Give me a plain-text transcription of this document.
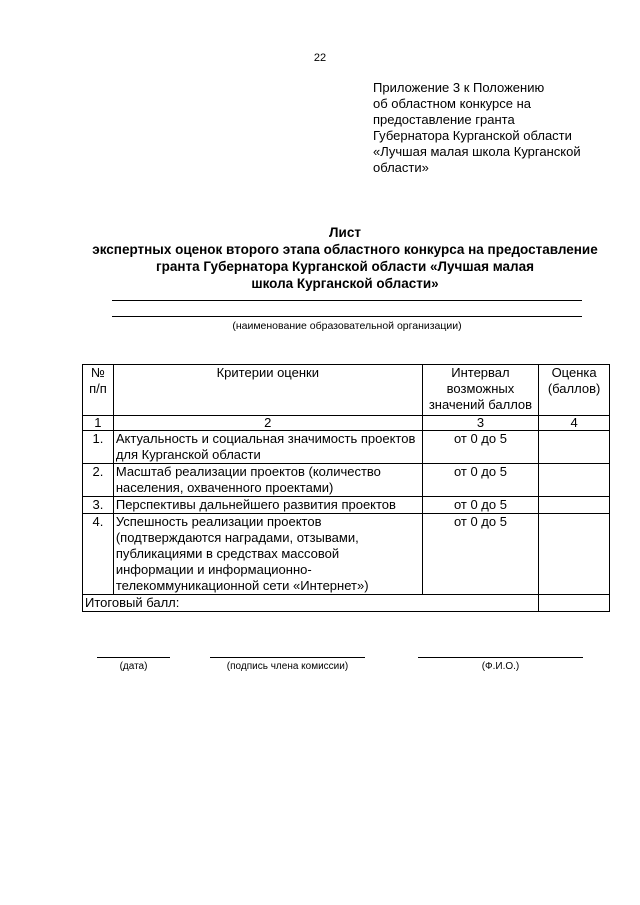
22
Приложение 3 к Положению
об областном конкурсе на
предоставление гранта
Губернатора Курганской области
«Лучшая малая школа Курганской
области»
Лист
экспертных оценок второго этапа областного конкурса на предоставление
гранта Губернатора Курганской области «Лучшая малая
школа Курганской области»
(наименование образовательной организации)
№ п/п	Критерии оценки	Интервал возможных значений баллов	Оценка (баллов)
1	2	3	4
1.	Актуальность и социальная значимость проектов для Курганской области	от 0 до 5	
2.	Масштаб реализации проектов (количество населения, охваченного проектами)	от 0 до 5	
3.	Перспективы дальнейшего развития проектов	от 0 до 5	
4.	Успешность реализации проектов (подтверждаются наградами, отзывами, публикациями в средствах массовой информации и информационно-телекоммуникационной сети «Интернет»)	от 0 до 5	
Итоговый балл:			
(дата)	(подпись члена комиссии)	(Ф.И.О.)
